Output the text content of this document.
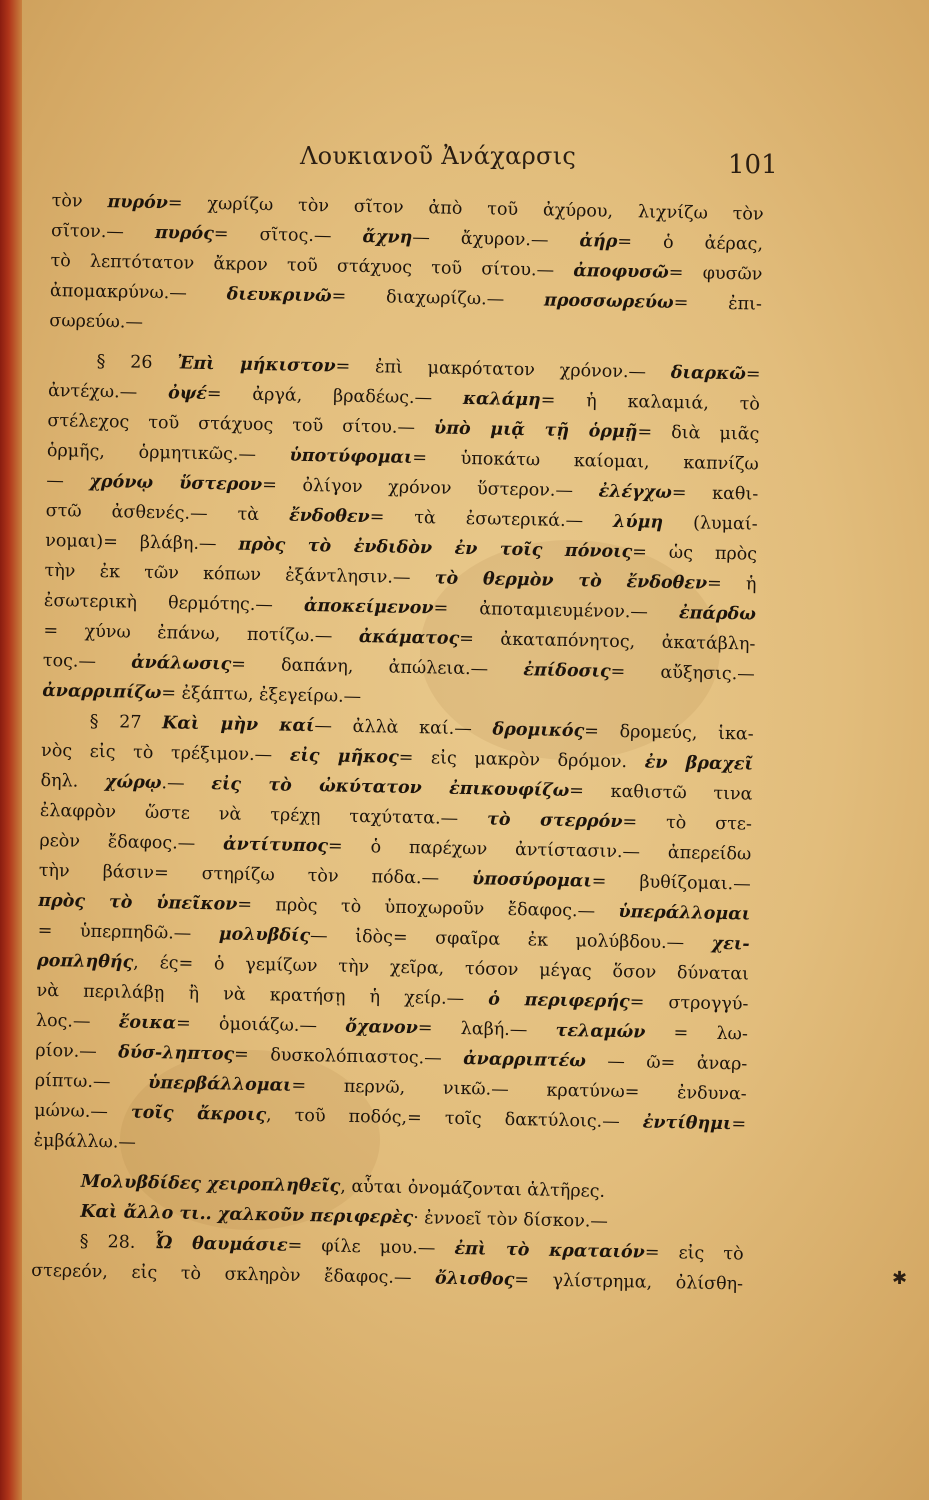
Λουκιανοῦ Ἀνάχαρσις	101
τὸν πυρόν= χωρίζω τὸν σῖτον ἀπὸ τοῦ ἀχύρου, λιχνίζω τὸν
σῖτον.— πυρός= σῖτος.— ἄχνη— ἄχυρον.— ἀήρ= ὁ ἀέρας,
τὸ λεπτότατον ἄκρον τοῦ στάχυος τοῦ σίτου.— ἀποφυσῶ= φυσῶν
ἀπομακρύνω.— διευκρινῶ= διαχωρίζω.— προσσωρεύω= ἐπι-
σωρεύω.—
§ 26 Ἐπὶ μήκιστον= ἐπὶ μακρότατον χρόνον.— διαρκῶ=
ἀντέχω.— ὀψέ= ἀργά, βραδέως.— καλάμη= ἡ καλαμιά, τὸ
στέλεχος τοῦ στάχυος τοῦ σίτου.— ὑπὸ μιᾷ τῇ ὁρμῇ= διὰ μιᾶς
ὁρμῆς, ὁρμητικῶς.— ὑποτύφομαι= ὑποκάτω καίομαι, καπνίζω
— χρόνῳ ὕστερον= ὀλίγον χρόνον ὕστερον.— ἐλέγχω= καθι-
στῶ ἀσθενές.— τὰ ἔνδοθεν= τὰ ἐσωτερικά.— λύμη (λυμαί-
νομαι)= βλάβη.— πρὸς τὸ ἐνδιδὸν ἐν τοῖς πόνοις= ὡς πρὸς
τὴν ἐκ τῶν κόπων ἐξάντλησιν.— τὸ θερμὸν τὸ ἔνδοθεν= ἡ
ἐσωτερικὴ θερμότης.— ἀποκείμενον= ἀποταμιευμένον.— ἐπάρδω
= χύνω ἐπάνω, ποτίζω.— ἀκάματος= ἀκαταπόνητος, ἀκατάβλη-
τος.— ἀνάλωσις= δαπάνη, ἀπώλεια.— ἐπίδοσις= αὔξησις.—
ἀναρριπίζω= ἐξάπτω, ἐξεγείρω.—
§ 27 Καὶ μὴν καί— ἀλλὰ καί.— δρομικός= δρομεύς, ἱκα-
νὸς εἰς τὸ τρέξιμον.— εἰς μῆκος= εἰς μακρὸν δρόμον. ἐν βραχεῖ
δηλ. χώρῳ.— εἰς τὸ ὠκύτατον ἐπικουφίζω= καθιστῶ τινα
ἐλαφρὸν ὥστε νὰ τρέχῃ ταχύτατα.— τὸ στερρόν= τὸ στε-
ρεὸν ἔδαφος.— ἀντίτυπος= ὁ παρέχων ἀντίστασιν.— ἀπερείδω
τὴν βάσιν= στηρίζω τὸν πόδα.— ὑποσύρομαι= βυθίζομαι.—
πρὸς τὸ ὑπεῖκον= πρὸς τὸ ὑποχωροῦν ἔδαφος.— ὑπεράλλομαι
= ὑπερπηδῶ.— μολυβδίς— ἰδὸς= σφαῖρα ἐκ μολύβδου.— χει-
ροπληθής, ές= ὁ γεμίζων τὴν χεῖρα, τόσον μέγας ὅσον δύναται
νὰ περιλάβῃ ἢ νὰ κρατήσῃ ἡ χείρ.— ὁ περιφερής= στρογγύ-
λος.— ἔοικα= ὁμοιάζω.— ὄχανον= λαβή.— τελαμών = λω-
ρίον.— δύσ-ληπτος= δυσκολόπιαστος.— ἀναρριπτέω — ῶ= ἀναρ-
ρίπτω.— ὑπερβάλλομαι= περνῶ, νικῶ.— κρατύνω= ἐνδυνα-
μώνω.— τοῖς ἄκροις, τοῦ ποδός,= τοῖς δακτύλοις.— ἐντίθημι=
ἐμβάλλω.—
Μολυβδίδες χειροπληθεῖς, αὗται ὀνομάζονται ἁλτῆρες.
Καὶ ἄλλο τι.. χαλκοῦν περιφερὲς· ἐννοεῖ τὸν δίσκον.—
§ 28. Ὦ θαυμάσιε= φίλε μου.— ἐπὶ τὸ κραταιόν= εἰς τὸ
στερεόν, εἰς τὸ σκληρὸν ἔδαφος.— ὄλισθος= γλίστρημα, ὀλίσθη-	✱
